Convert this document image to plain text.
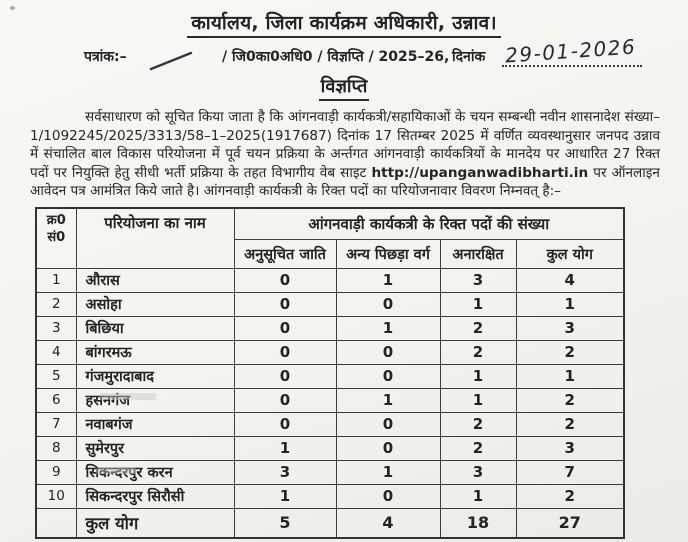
कार्यालय, जिला कार्यक्रम अधिकारी, उन्नाव।
पत्रांक:–	/ जि0का0अधि0 / विज्ञप्ति / 2025–26, दिनांक 29-01-2026
विज्ञप्ति

सर्वसाधारण को सूचित किया जाता है कि आंगनवाड़ी कार्यकत्री/सहायिकाओं के चयन सम्बन्धी नवीन शासनादेश संख्या–1/1092245/2025/3313/58–1–2025(1917687) दिनांक 17 सितम्बर 2025 में वर्णित व्यवस्थानुसार जनपद उन्नाव में संचालित बाल विकास परियोजना में पूर्व चयन प्रक्रिया के अर्न्तगत आंगनवाड़ी कार्यकत्रियों के मानदेय पर आधारित 27 रिक्त पदों पर नियुक्ति हेतु सीधी भर्ती प्रक्रिया के तहत विभागीय वेब साइट http://upanganwadibharti.in पर ऑनलाइन आवेदन पत्र आमंत्रित किये जाते है। आंगनवाड़ी कार्यकत्री के रिक्त पदों का परियोजनावार विवरण निम्नवत् है:–

क्र0
सं0	परियोजना का नाम	आंगनवाड़ी कार्यकत्री के रिक्त पदों की संख्या			
		अनुसूचित जाति	अन्य पिछड़ा वर्ग	अनारक्षित	कुल योग
1	औरास	0	1	3	4
2	असोहा	0	0	1	1
3	बिछिया	0	1	2	3
4	बांगरमऊ	0	0	2	2
5	गंजमुरादाबाद	0	0	1	1
6	हसनगंज	0	1	1	2
7	नवाबगंज	0	0	2	2
8	सुमेरपुर	1	0	2	3
9	सिकन्दरपुर करन	3	1	3	7
10	सिकन्दरपुर सिरौसी	1	0	1	2
	कुल योग	5	4	18	27
